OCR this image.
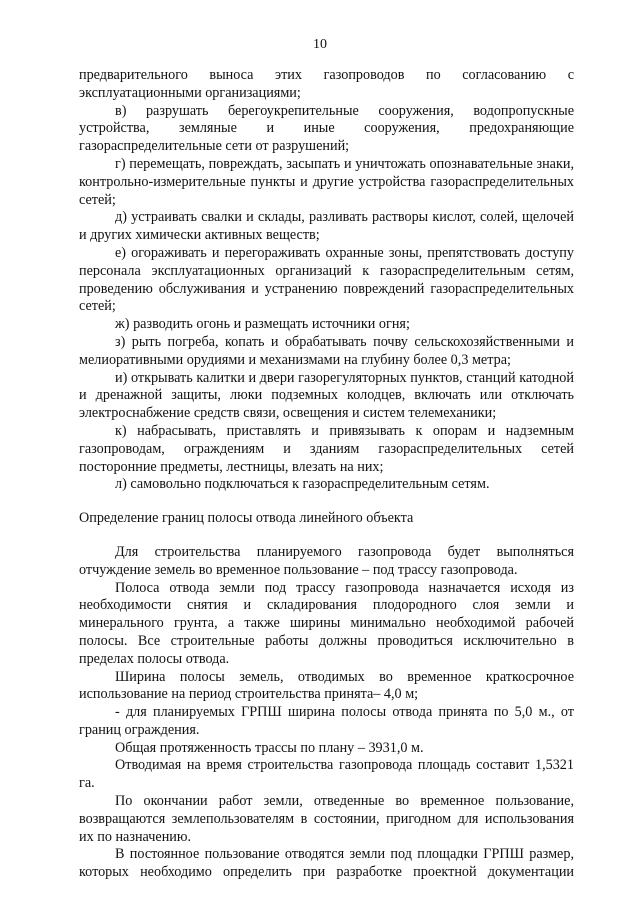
10

предварительного выноса этих газопроводов по согласованию с эксплуатационными организациями;

в) разрушать берегоукрепительные сооружения, водопропускные устройства, земляные и иные сооружения, предохраняющие газораспределительные сети от разрушений;

г) перемещать, повреждать, засыпать и уничтожать опознавательные знаки, контрольно-измерительные пункты и другие устройства газораспределительных сетей;

д) устраивать свалки и склады, разливать растворы кислот, солей, щелочей и других химически активных веществ;

е) огораживать и перегораживать охранные зоны, препятствовать доступу персонала эксплуатационных организаций к газораспределительным сетям, проведению обслуживания и устранению повреждений газораспределительных сетей;

ж) разводить огонь и размещать источники огня;

з) рыть погреба, копать и обрабатывать почву сельскохозяйственными и мелиоративными орудиями и механизмами на глубину более 0,3 метра;

и) открывать калитки и двери газорегуляторных пунктов, станций катодной и дренажной защиты, люки подземных колодцев, включать или отключать электроснабжение средств связи, освещения и систем телемеханики;

к) набрасывать, приставлять и привязывать к опорам и надземным газопроводам, ограждениям и зданиям газораспределительных сетей посторонние предметы, лестницы, влезать на них;

л) самовольно подключаться к газораспределительным сетям.

Определение границ полосы отвода линейного объекта

Для строительства планируемого газопровода будет выполняться отчуждение земель во временное пользование – под трассу газопровода.

Полоса отвода земли под трассу газопровода назначается исходя из необходимости снятия и складирования плодородного слоя земли и минерального грунта, а также ширины минимально необходимой рабочей полосы. Все строительные работы должны проводиться исключительно в пределах полосы отвода.

Ширина полосы земель, отводимых во временное краткосрочное использование на период строительства принята– 4,0 м;

- для планируемых ГРПШ ширина полосы отвода принята по 5,0 м., от границ ограждения.

Общая протяженность трассы по плану – 3931,0 м.

Отводимая на время строительства газопровода площадь составит 1,5321 га.

По окончании работ земли, отведенные во временное пользование, возвращаются землепользователям в состоянии, пригодном для использования их по назначению.

В постоянное пользование отводятся земли под площадки ГРПШ размер, которых необходимо определить при разработке проектной документации
